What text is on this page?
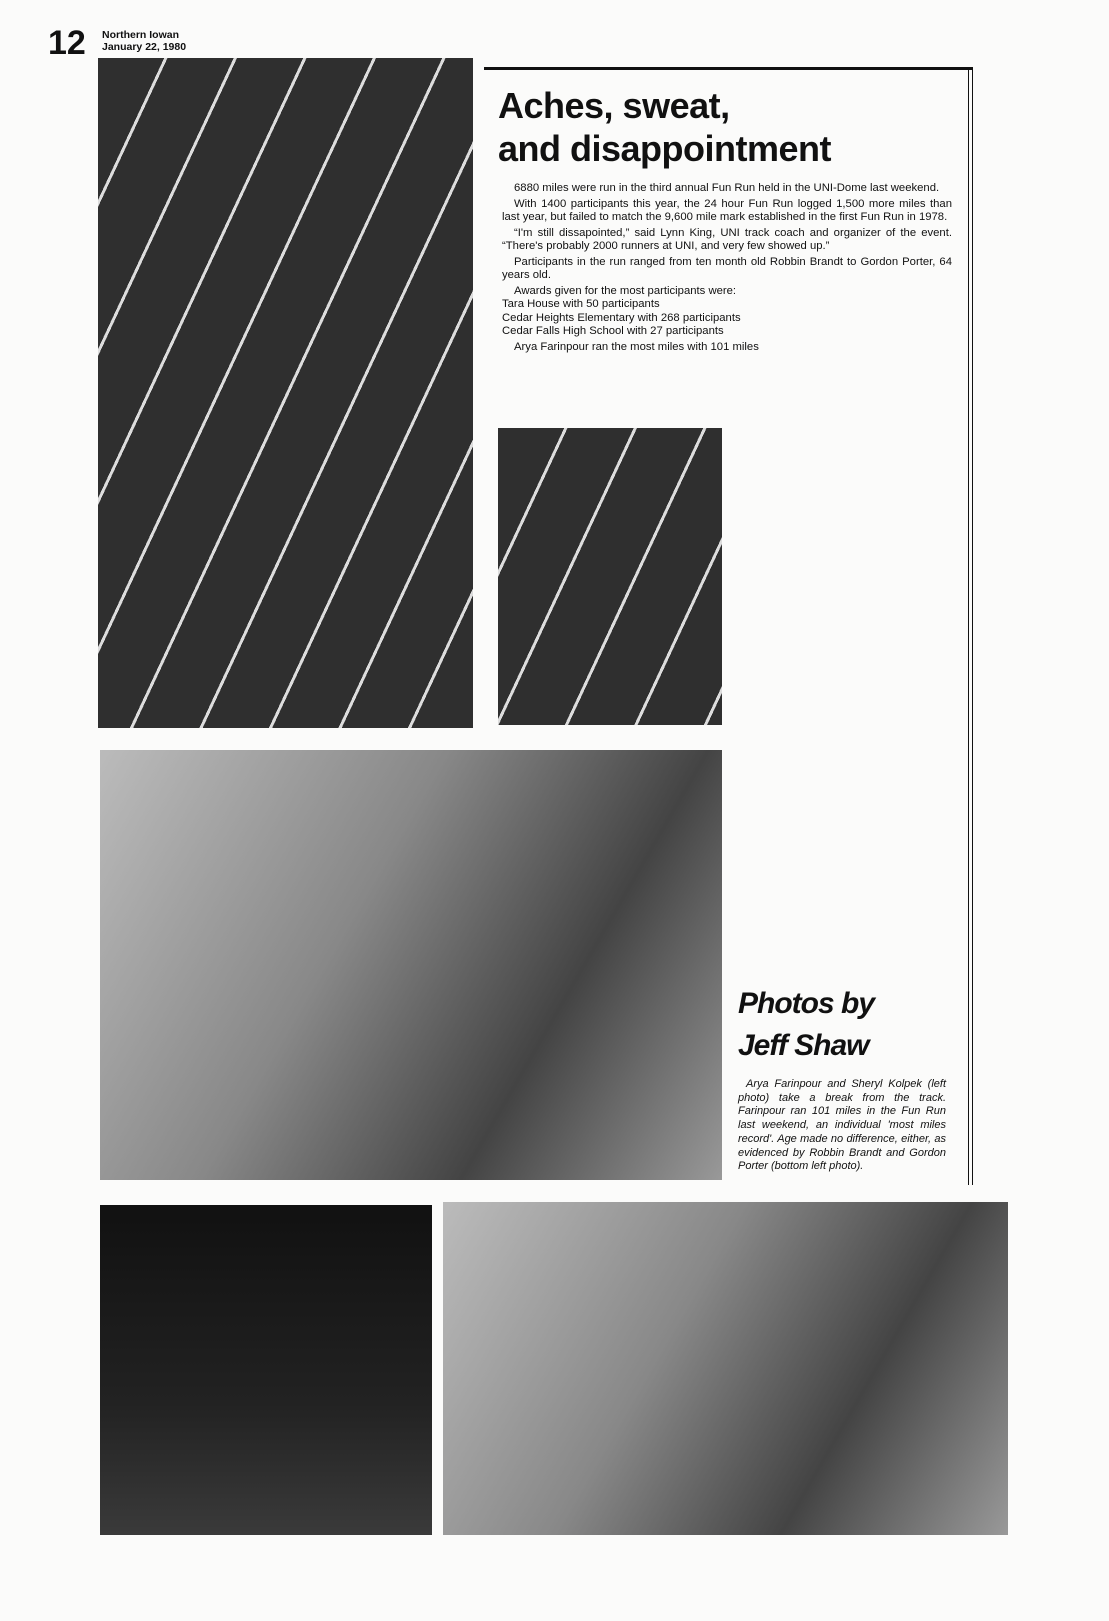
12 Northern Iowan
January 22, 1980
Aches, sweat,
and disappointment

6880 miles were run in the third annual Fun Run held in the UNI-Dome last weekend.

With 1400 participants this year, the 24 hour Fun Run logged 1,500 more miles than last year, but failed to match the 9,600 mile mark established in the first Fun Run in 1978.

“I'm still dissapointed,” said Lynn King, UNI track coach and organizer of the event. “There's probably 2000 runners at UNI, and very few showed up.”

Participants in the run ranged from ten month old Robbin Brandt to Gordon Porter, 64 years old.

Awards given for the most participants were:

Tara House with 50 participants

Cedar Heights Elementary with 268 participants

Cedar Falls High School with 27 participants

Arya Farinpour ran the most miles with 101 miles

Photos by
Jeff Shaw
Arya Farinpour and Sheryl Kolpek (left photo) take a break from the track. Farinpour ran 101 miles in the Fun Run last weekend, an individual 'most miles record'. Age made no difference, either, as evidenced by Robbin Brandt and Gordon Porter (bottom left photo).
